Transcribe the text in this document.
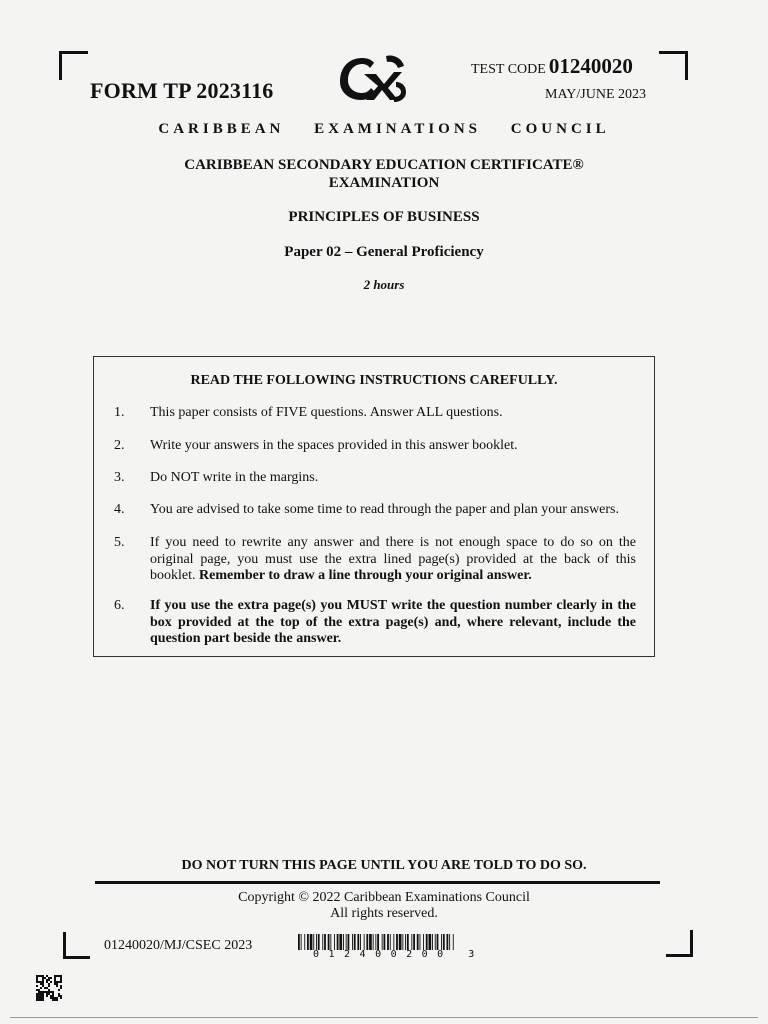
FORM TP 2023116
TEST CODE 01240020
MAY/JUNE 2023
CARIBBEAN EXAMINATIONS COUNCIL
CARIBBEAN SECONDARY EDUCATION CERTIFICATE®
EXAMINATION
PRINCIPLES OF BUSINESS
Paper 02 – General Proficiency
2 hours
READ THE FOLLOWING INSTRUCTIONS CAREFULLY.
1. This paper consists of FIVE questions. Answer ALL questions.
2. Write your answers in the spaces provided in this answer booklet.
3. Do NOT write in the margins.
4. You are advised to take some time to read through the paper and plan your answers.
5. If you need to rewrite any answer and there is not enough space to do so on the original page, you must use the extra lined page(s) provided at the back of this booklet. Remember to draw a line through your original answer.
6. If you use the extra page(s) you MUST write the question number clearly in the box provided at the top of the extra page(s) and, where relevant, include the question part beside the answer.
DO NOT TURN THIS PAGE UNTIL YOU ARE TOLD TO DO SO.
Copyright © 2022 Caribbean Examinations Council
All rights reserved.
01240020/MJ/CSEC 2023
012400200 3
